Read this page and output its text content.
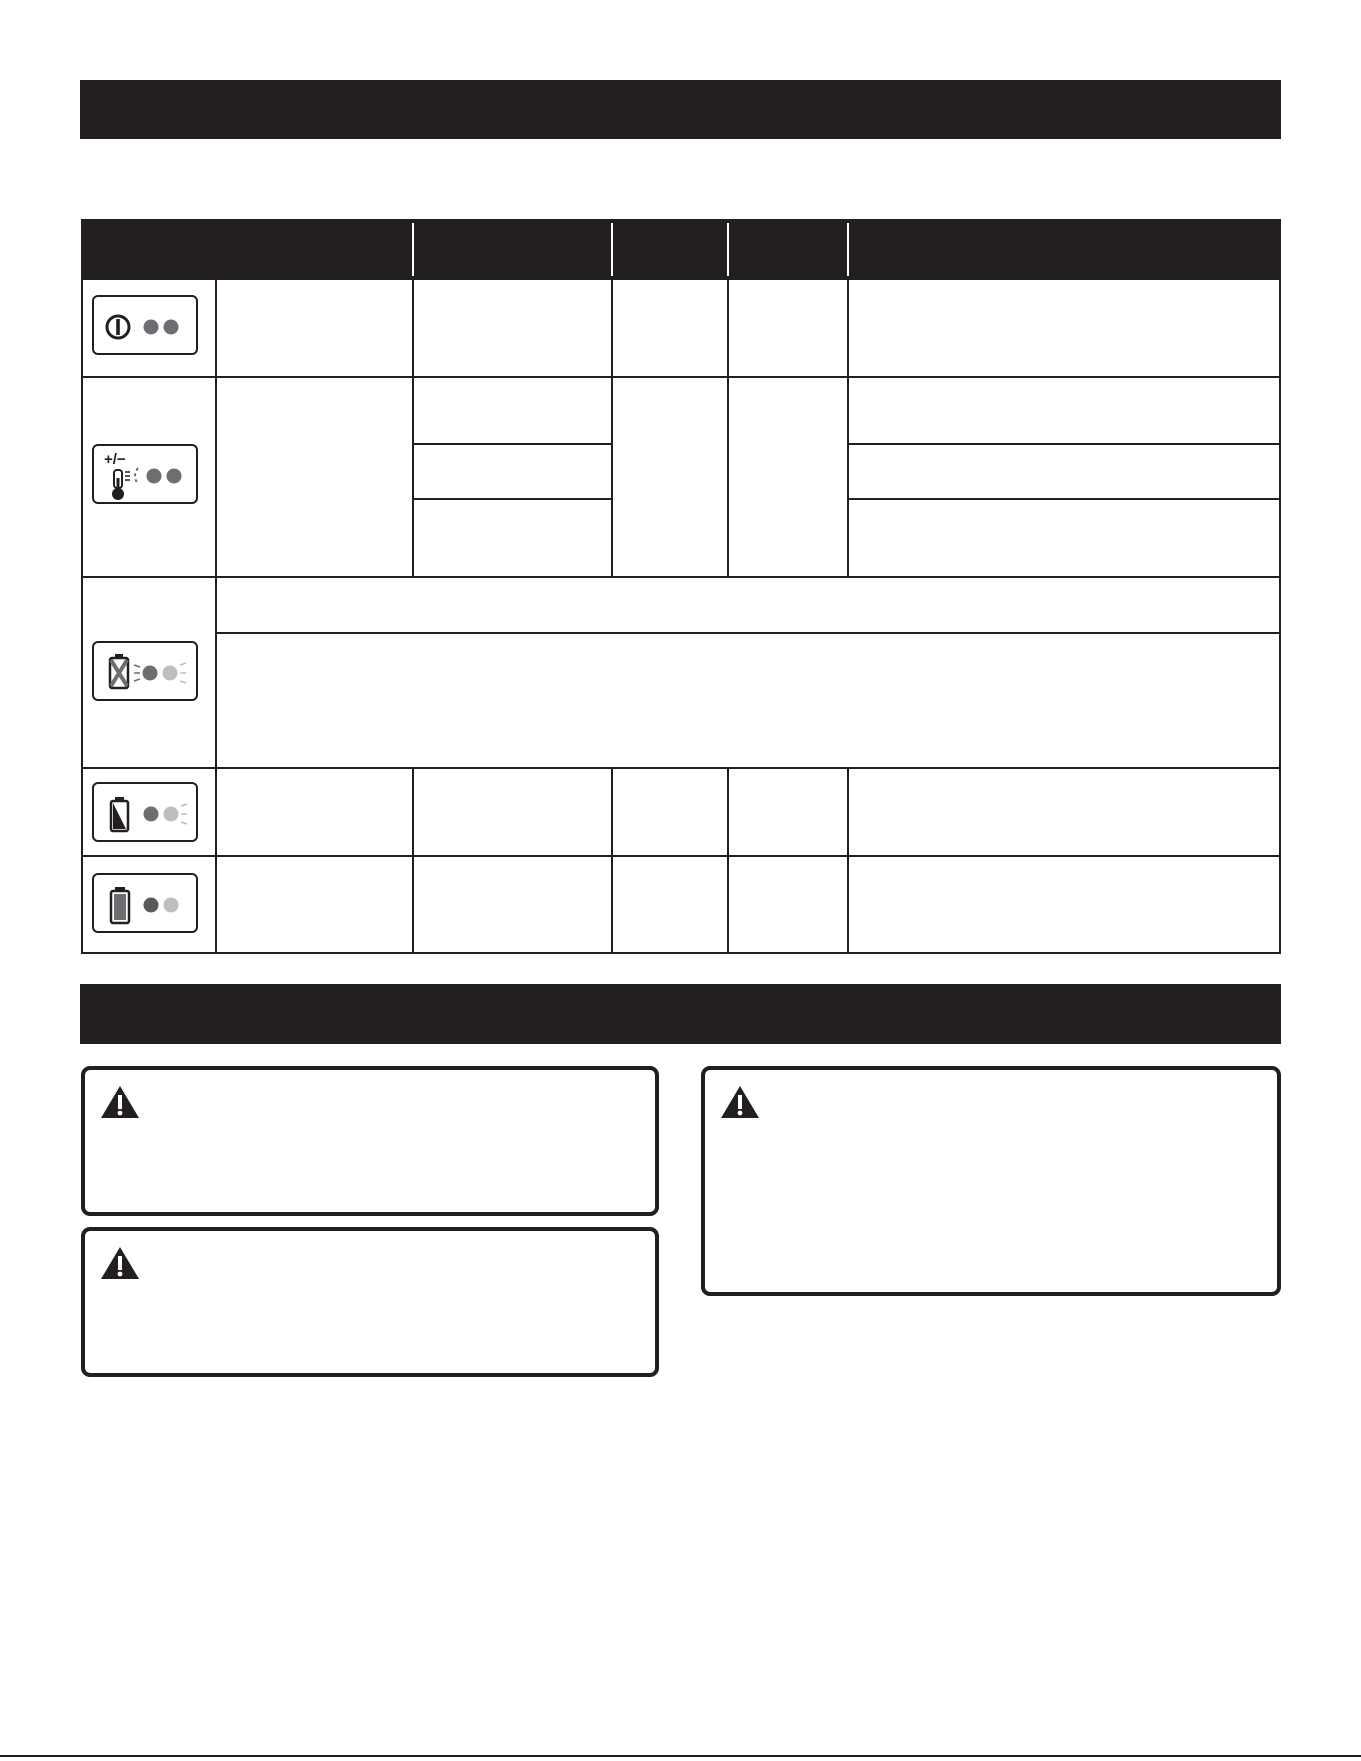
+/−
